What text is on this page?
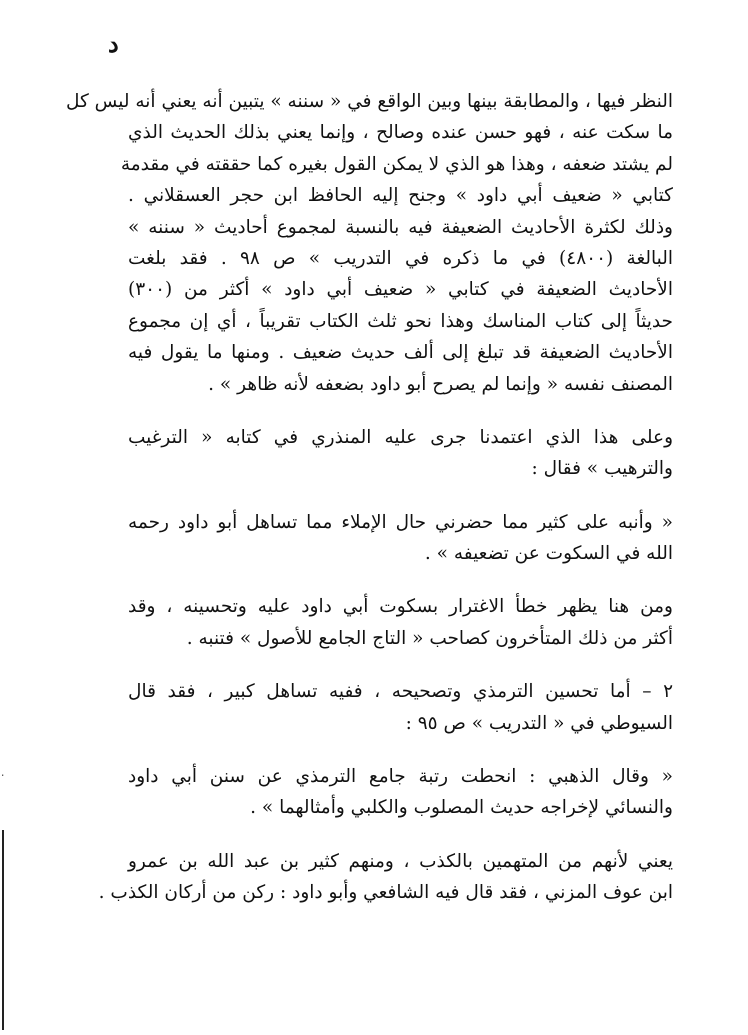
د
النظر فيها ، والمطابقة بينها وبين الواقع في « سننه » يتبين أنه يعني أنه ليس كل
ما سكت عنه ، فهو حسن عنده وصالح ، وإنما يعني بذلك الحديث الذي
لم يشتد ضعفه ، وهذا هو الذي لا يمكن القول بغيره كما حققته في مقدمة
كتابي « ضعيف أبي داود » وجنح إليه الحافظ ابن حجر العسقلاني .
وذلك لكثرة الأحاديث الضعيفة فيه بالنسبة لمجموع أحاديث « سننه »
البالغة (٤٨٠٠) في ما ذكره في التدريب » ص ٩٨ . فقد بلغت
الأحاديث الضعيفة في كتابي « ضعيف أبي داود » أكثر من (٣٠٠)
حديثاً إلى كتاب المناسك وهذا نحو ثلث الكتاب تقريباً ، أي إن مجموع
الأحاديث الضعيفة قد تبلغ إلى ألف حديث ضعيف . ومنها ما يقول فيه
المصنف نفسه « وإنما لم يصرح أبو داود بضعفه لأنه ظاهر » .
وعلى هذا الذي اعتمدنا جرى عليه المنذري في كتابه « الترغيب
والترهيب » فقال :
« وأنبه على كثير مما حضرني حال الإملاء مما تساهل أبو داود رحمه
الله في السكوت عن تضعيفه » .
ومن هنا يظهر خطأ الاغترار بسكوت أبي داود عليه وتحسينه ، وقد
أكثر من ذلك المتأخرون كصاحب « التاج الجامع للأصول » فتنبه .
٢ – أما تحسين الترمذي وتصحيحه ، ففيه تساهل كبير ، فقد قال
السيوطي في « التدريب » ص ٩٥ :
« وقال الذهبي : انحطت رتبة جامع الترمذي عن سنن أبي داود
والنسائي لإخراجه حديث المصلوب والكلبي وأمثالهما » .
يعني لأنهم من المتهمين بالكذب ، ومنهم كثير بن عبد الله بن عمرو
ابن عوف المزني ، فقد قال فيه الشافعي وأبو داود : ركن من أركان الكذب .
٠
